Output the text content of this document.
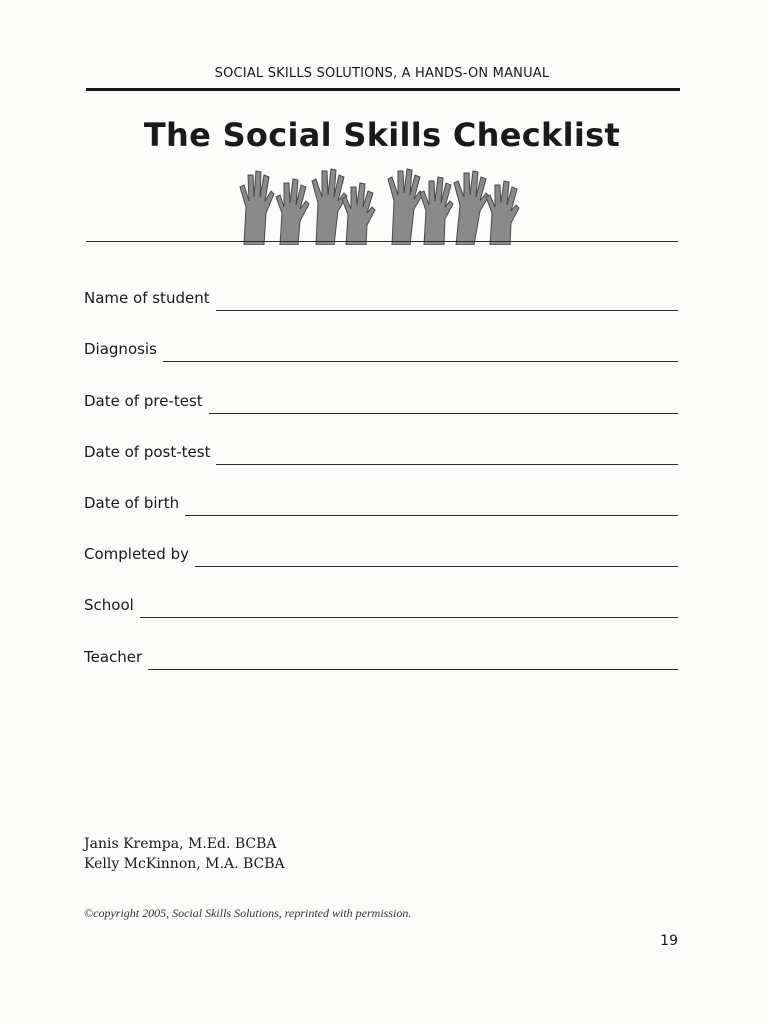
SOCIAL SKILLS SOLUTIONS, A HANDS-ON MANUAL
The Social Skills Checklist
Name of student
Diagnosis
Date of pre-test
Date of post-test
Date of birth
Completed by
School
Teacher
Janis Krempa, M.Ed. BCBA
Kelly McKinnon, M.A. BCBA
©copyright 2005, Social Skills Solutions, reprinted with permission.
19
